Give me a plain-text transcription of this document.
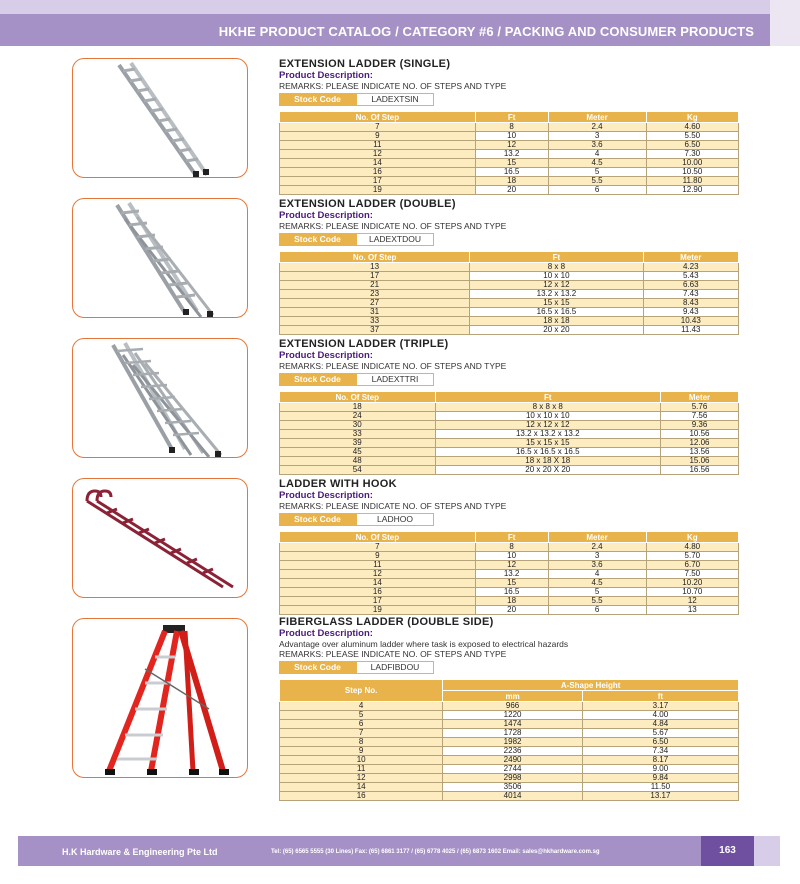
HKHE PRODUCT CATALOG / CATEGORY #6 / PACKING AND CONSUMER PRODUCTS
EXTENSION LADDER (SINGLE)
Product Description:
REMARKS: PLEASE INDICATE NO. OF STEPS AND TYPE
Stock Code	LADEXTSIN
No. Of Step	Ft	Meter	Kg
7	8	2.4	4.60
9	10	3	5.50
11	12	3.6	6.50
12	13.2	4	7.30
14	15	4.5	10.00
16	16.5	5	10.50
17	18	5.5	11.80
19	20	6	12.90
EXTENSION LADDER (DOUBLE)
Product Description:
REMARKS: PLEASE INDICATE NO. OF STEPS AND TYPE
Stock Code	LADEXTDOU
No. Of Step	Ft	Meter
13	8 x 8	4.23
17	10 x 10	5.43
21	12 x 12	6.63
23	13.2 x 13.2	7.43
27	15 x 15	8.43
31	16.5 x 16.5	9.43
33	18 x 18	10.43
37	20 x 20	11.43
EXTENSION LADDER (TRIPLE)
Product Description:
REMARKS: PLEASE INDICATE NO. OF STEPS AND TYPE
Stock Code	LADEXTTRI
No. Of Step	Ft	Meter
18	8 x 8 x 8	5.76
24	10 x 10 x 10	7.56
30	12 x 12 x 12	9.36
33	13.2 x 13.2 x 13.2	10.56
39	15 x 15 x 15	12.06
45	16.5 x 16.5 x 16.5	13.56
48	18 x 18 X 18	15.06
54	20 x 20 X 20	16.56
LADDER WITH HOOK
Product Description:
REMARKS: PLEASE INDICATE NO. OF STEPS AND TYPE
Stock Code	LADHOO
No. Of Step	Ft	Meter	Kg
7	8	2.4	4.80
9	10	3	5.70
11	12	3.6	6.70
12	13.2	4	7.50
14	15	4.5	10.20
16	16.5	5	10.70
17	18	5.5	12
19	20	6	13
FIBERGLASS LADDER (DOUBLE SIDE)
Product Description:
Advantage over aluminum ladder where task is exposed to electrical hazards
REMARKS: PLEASE INDICATE NO. OF STEPS AND TYPE
Stock Code	LADFIBDOU
Step No.	A-Shape Height	
	mm	ft
4	966	3.17
5	1220	4.00
6	1474	4.84
7	1728	5.67
8	1982	6.50
9	2236	7.34
10	2490	8.17
11	2744	9.00
12	2998	9.84
14	3506	11.50
16	4014	13.17
H.K Hardware & Engineering Pte Ltd	Tel: (65) 6565 5555 (30 Lines) Fax: (65) 6861 3177 / (65) 6778 4025 / (65) 6873 1602 Email: sales@hkhardware.com.sg	163
